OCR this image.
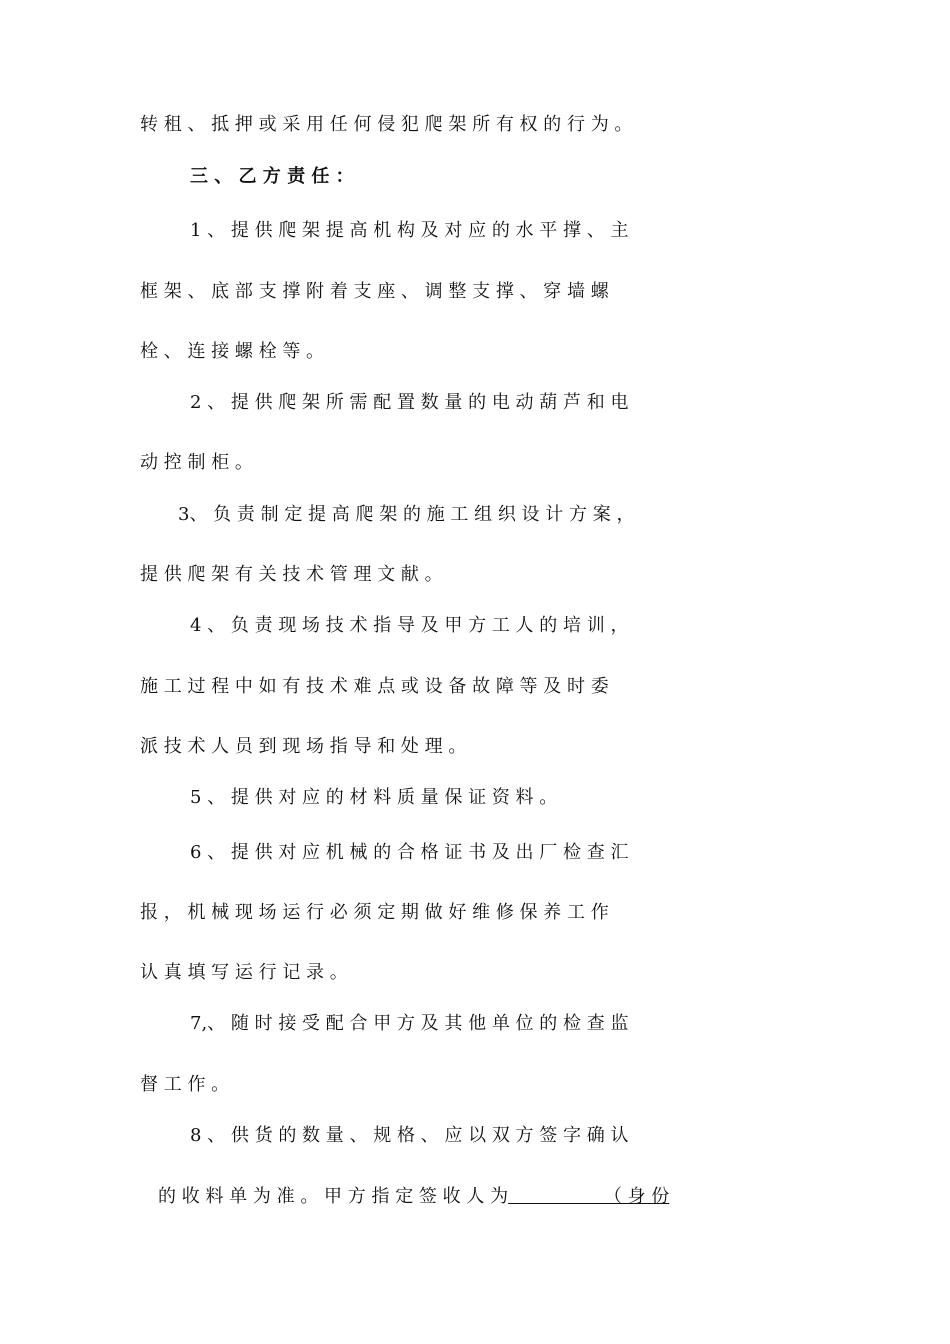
转 租 、 抵 押 或 采 用 任 何 侵 犯 爬 架 所 有 权 的 行 为 。
三 、 乙 方 责 任 ：
1 、 提 供 爬 架 提 高 机 构 及 对 应 的 水 平 撑 、 主
框 架 、 底 部 支 撑 附 着 支 座 、 调 整 支 撑 、 穿 墙 螺
栓 、 连 接 螺 栓 等 。
2 、 提 供 爬 架 所 需 配 置 数 量 的 电 动 葫 芦 和 电
动 控 制 柜 。
3、 负 责 制 定 提 高 爬 架 的 施 工 组 织 设 计 方 案 ，
提 供 爬 架 有 关 技 术 管 理 文 献 。
4 、 负 责 现 场 技 术 指 导 及 甲 方 工 人 的 培 训 ，
施 工 过 程 中 如 有 技 术 难 点 或 设 备 故 障 等 及 时 委
派 技 术 人 员 到 现 场 指 导 和 处 理 。
5 、 提 供 对 应 的 材 料 质 量 保 证 资 料 。
6 、 提 供 对 应 机 械 的 合 格 证 书 及 出 厂 检 查 汇
报 ， 机 械 现 场 运 行 必 须 定 期 做 好 维 修 保 养 工 作
认 真 填 写 运 行 记 录 。
7,、 随 时 接 受 配 合 甲 方 及 其 他 单 位 的 检 查 监
督 工 作 。
8 、 供 货 的 数 量 、 规 格 、 应 以 双 方 签 字 确 认
的 收 料 单 为 准 。 甲 方 指 定 签 收 人 为　　　　　 （ 身 份
